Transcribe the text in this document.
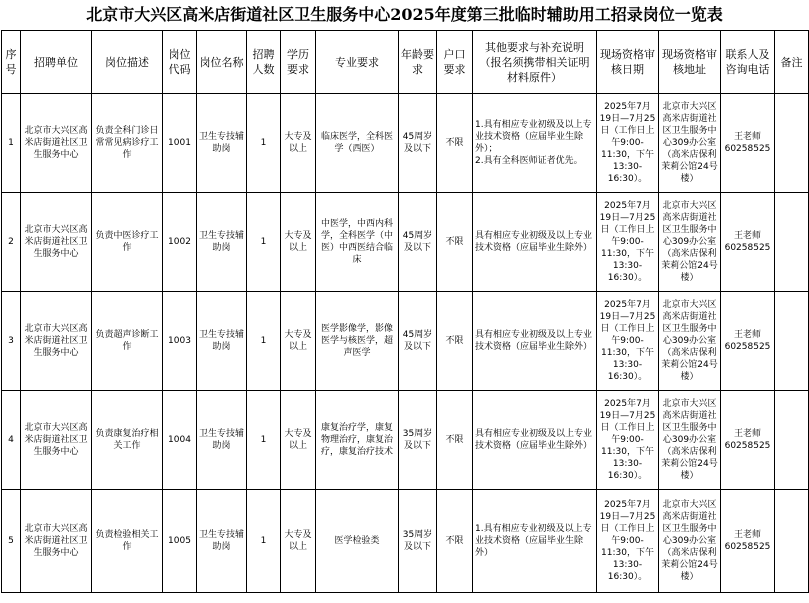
北京市大兴区高米店街道社区卫生服务中心2025年度第三批临时辅助用工招录岗位一览表
序号	招聘单位	岗位描述	岗位代码	岗位名称	招聘人数	学历要求	专业要求	年龄要求	户口要求	其他要求与补充说明（报名须携带相关证明材料原件）	现场资格审核日期	现场资格审核地址	联系人及咨询电话	备注
1	北京市大兴区高米店街道社区卫生服务中心	负责全科门诊日常常见病诊疗工作	1001	卫生专技辅助岗	1	大专及以上	临床医学，全科医学（西医）	45周岁及以下	不限	1.具有相应专业初级及以上专业技术资格（应届毕业生除外）；
2.具有全科医师证者优先。	2025年7月19日—7月25日（工作日上午9:00-11:30，下午13:30-16:30）。	北京市大兴区高米店街道社区卫生服务中心309办公室（高米店保利茉莉公馆24号楼）	王老师 60258525	
2	北京市大兴区高米店街道社区卫生服务中心	负责中医诊疗工作	1002	卫生专技辅助岗	1	大专及以上	中医学，中西内科学，全科医学（中医）中西医结合临床	45周岁及以下	不限	具有相应专业初级及以上专业技术资格（应届毕业生除外）	2025年7月19日—7月25日（工作日上午9:00-11:30，下午13:30-16:30）。	北京市大兴区高米店街道社区卫生服务中心309办公室（高米店保利茉莉公馆24号楼）	王老师 60258525	
3	北京市大兴区高米店街道社区卫生服务中心	负责超声诊断工作	1003	卫生专技辅助岗	1	大专及以上	医学影像学，影像医学与核医学，超声医学	45周岁及以下	不限	具有相应专业初级及以上专业技术资格（应届毕业生除外）	2025年7月19日—7月25日（工作日上午9:00-11:30，下午13:30-16:30）。	北京市大兴区高米店街道社区卫生服务中心309办公室（高米店保利茉莉公馆24号楼）	王老师 60258525	
4	北京市大兴区高米店街道社区卫生服务中心	负责康复治疗相关工作	1004	卫生专技辅助岗	1	大专及以上	康复治疗学，康复物理治疗，康复治疗，康复治疗技术	35周岁及以下	不限	具有相应专业初级及以上专业技术资格（应届毕业生除外）	2025年7月19日—7月25日（工作日上午9:00-11:30，下午13:30-16:30）。	北京市大兴区高米店街道社区卫生服务中心309办公室（高米店保利茉莉公馆24号楼）	王老师 60258525	
5	北京市大兴区高米店街道社区卫生服务中心	负责检验相关工作	1005	卫生专技辅助岗	1	大专及以上	医学检验类	35周岁及以下	不限	1.具有相应专业初级及以上专业技术资格（应届毕业生除外）	2025年7月19日—7月25日（工作日上午9:00-11:30，下午13:30-16:30）。	北京市大兴区高米店街道社区卫生服务中心309办公室（高米店保利茉莉公馆24号楼）	王老师 60258525	
